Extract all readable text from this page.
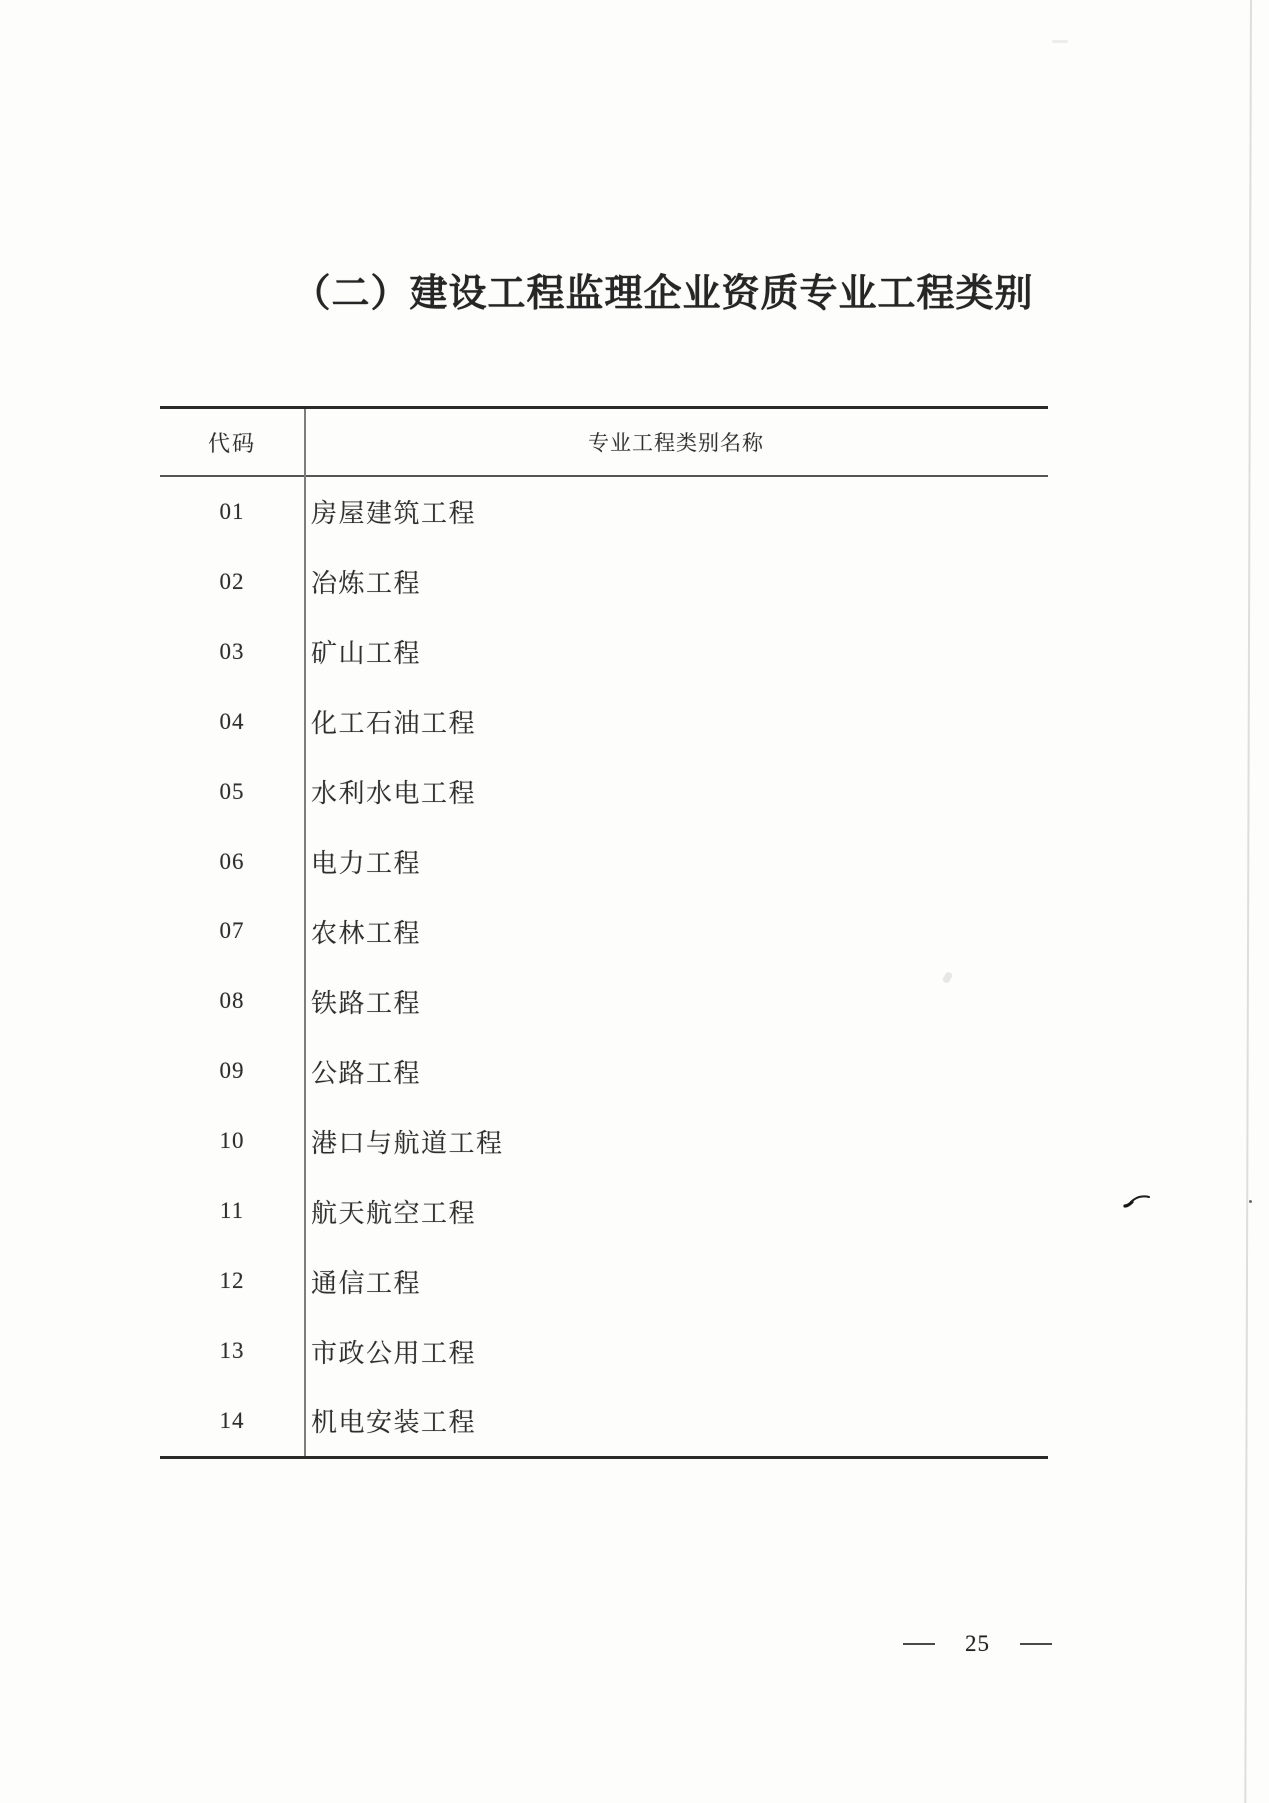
（二）建设工程监理企业资质专业工程类别
代码	专业工程类别名称
01	房屋建筑工程
02	冶炼工程
03	矿山工程
04	化工石油工程
05	水利水电工程
06	电力工程
07	农林工程
08	铁路工程
09	公路工程
10	港口与航道工程
11	航天航空工程
12	通信工程
13	市政公用工程
14	机电安装工程
25
